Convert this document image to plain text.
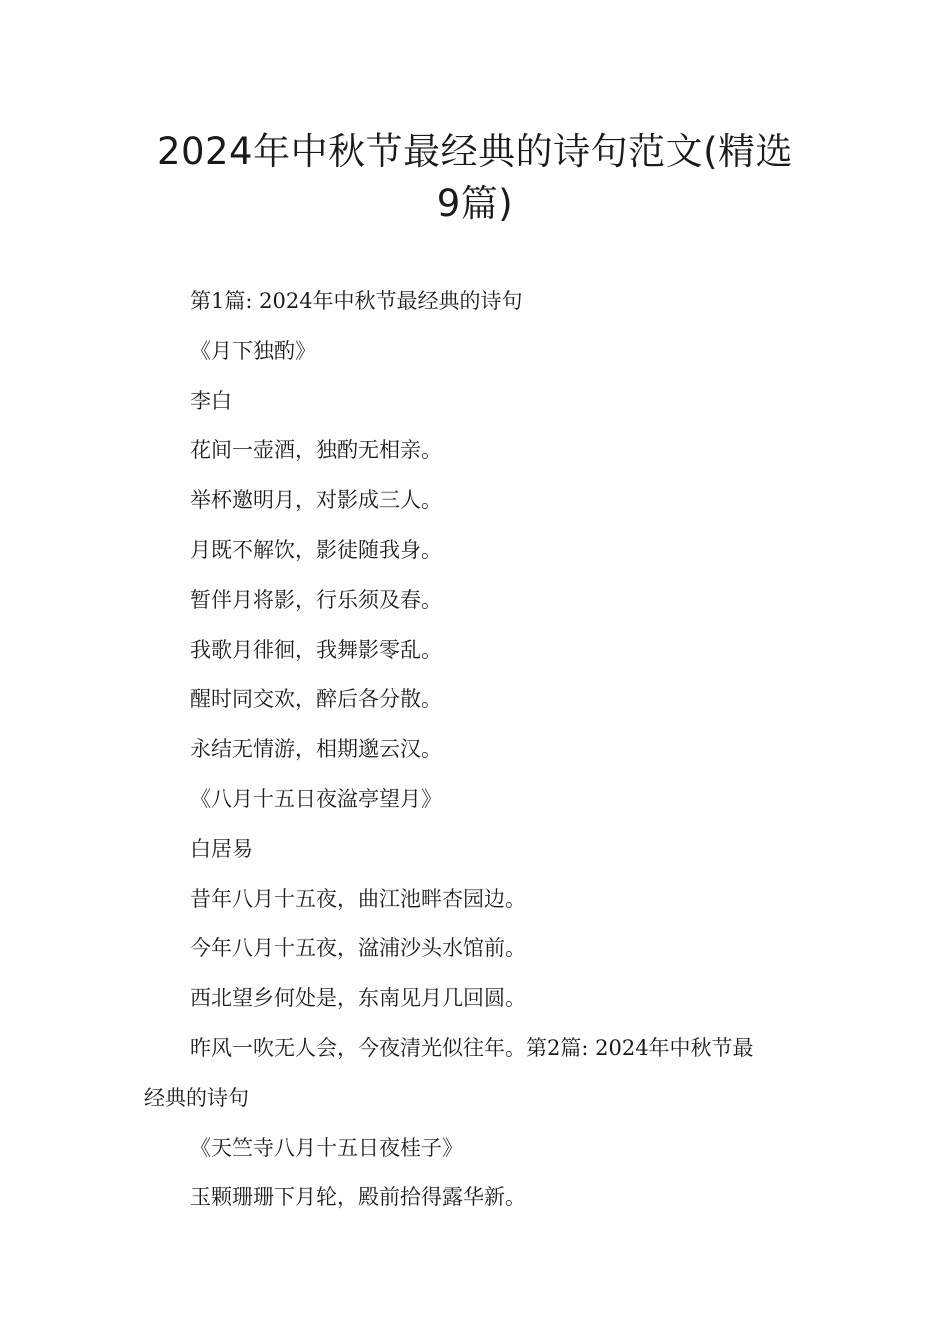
2024年中秋节最经典的诗句范文(精选
9篇)
第1篇: 2024年中秋节最经典的诗句
《月下独酌》
李白
花间一壶酒，独酌无相亲。
举杯邀明月，对影成三人。
月既不解饮，影徒随我身。
暂伴月将影，行乐须及春。
我歌月徘徊，我舞影零乱。
醒时同交欢，醉后各分散。
永结无情游，相期邈云汉。
《八月十五日夜湓亭望月》
白居易
昔年八月十五夜，曲江池畔杏园边。
今年八月十五夜，湓浦沙头水馆前。
西北望乡何处是，东南见月几回圆。
昨风一吹无人会，今夜清光似往年。第2篇: 2024年中秋节最
经典的诗句
《天竺寺八月十五日夜桂子》
玉颗珊珊下月轮，殿前拾得露华新。
